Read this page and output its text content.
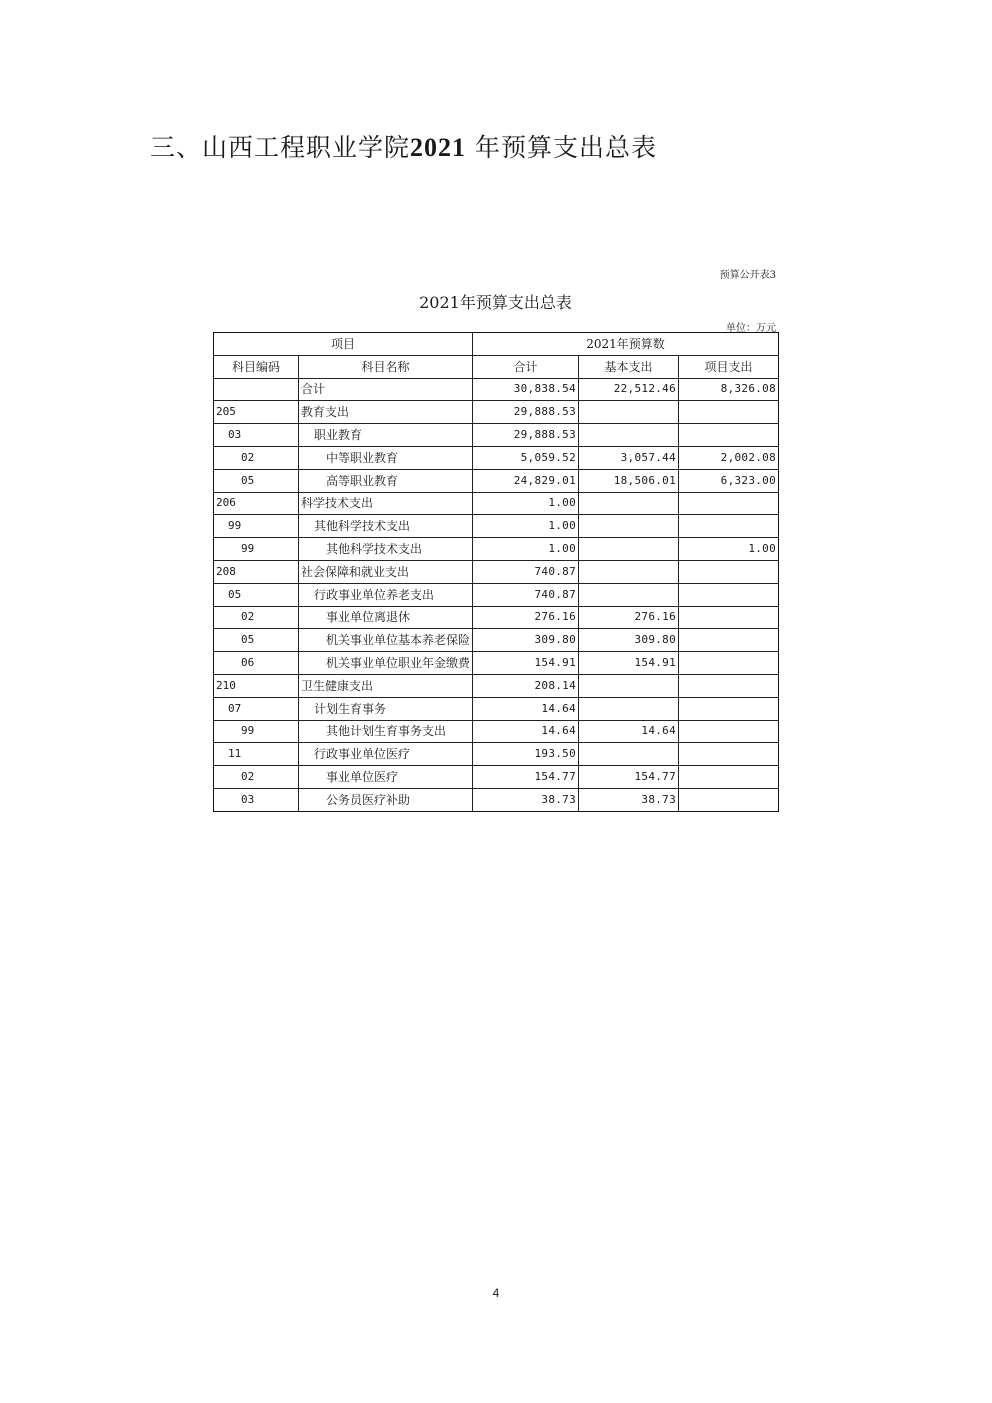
三、山西工程职业学院2021 年预算支出总表
预算公开表3
2021年预算支出总表
单位：万元
项目		2021年预算数		
科目编码	科目名称	合计	基本支出	项目支出
	合计	30,838.54	22,512.46	8,326.08
205	教育支出	29,888.53		
03	职业教育	29,888.53		
02	中等职业教育	5,059.52	3,057.44	2,002.08
05	高等职业教育	24,829.01	18,506.01	6,323.00
206	科学技术支出	1.00		
99	其他科学技术支出	1.00		
99	其他科学技术支出	1.00		1.00
208	社会保障和就业支出	740.87		
05	行政事业单位养老支出	740.87		
02	事业单位离退休	276.16	276.16	
05	机关事业单位基本养老保险	309.80	309.80	
06	机关事业单位职业年金缴费	154.91	154.91	
210	卫生健康支出	208.14		
07	计划生育事务	14.64		
99	其他计划生育事务支出	14.64	14.64	
11	行政事业单位医疗	193.50		
02	事业单位医疗	154.77	154.77	
03	公务员医疗补助	38.73	38.73	
4
